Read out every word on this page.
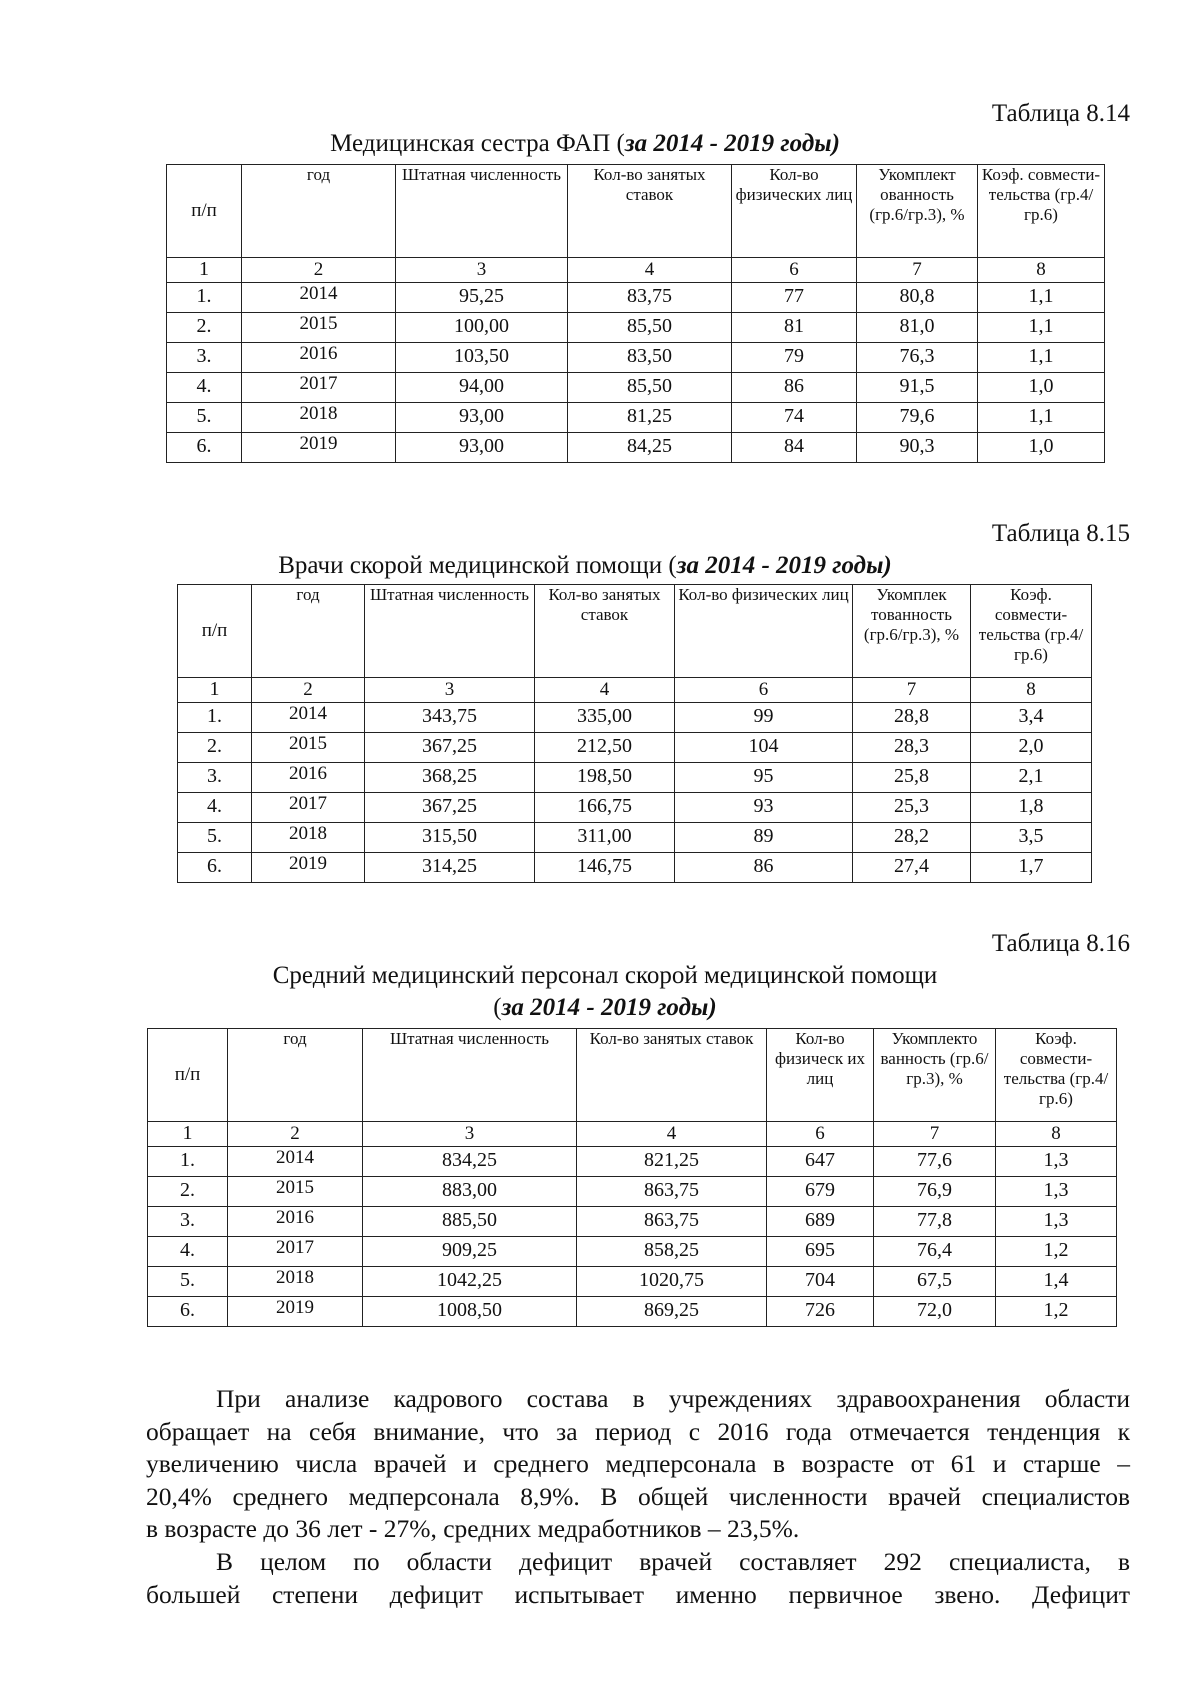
Таблица 8.14
Медицинская сестра ФАП (за 2014 - 2019 годы)
п/п	год	Штатная численность	Кол-во занятых ставок	Кол-во физических лиц	Укомплект ованность (гр.6/гр.3), %	Коэф. совмести-тельства (гр.4/гр.6)
1	2	3	4	6	7	8
1.	2014	95,25	83,75	77	80,8	1,1
2.	2015	100,00	85,50	81	81,0	1,1
3.	2016	103,50	83,50	79	76,3	1,1
4.	2017	94,00	85,50	86	91,5	1,0
5.	2018	93,00	81,25	74	79,6	1,1
6.	2019	93,00	84,25	84	90,3	1,0
Таблица 8.15
Врачи скорой медицинской помощи (за 2014 - 2019 годы)
п/п	год	Штатная численность	Кол-во занятых ставок	Кол-во физических лиц	Укомплек тованность (гр.6/гр.3), %	Коэф. совмести-тельства (гр.4/гр.6)
1	2	3	4	6	7	8
1.	2014	343,75	335,00	99	28,8	3,4
2.	2015	367,25	212,50	104	28,3	2,0
3.	2016	368,25	198,50	95	25,8	2,1
4.	2017	367,25	166,75	93	25,3	1,8
5.	2018	315,50	311,00	89	28,2	3,5
6.	2019	314,25	146,75	86	27,4	1,7
Таблица 8.16
Средний медицинский персонал скорой медицинской помощи
(за 2014 - 2019 годы)
п/п	год	Штатная численность	Кол-во занятых ставок	Кол-во физическ их лиц	Укомплекто ванность (гр.6/гр.3), %	Коэф. совмести-тельства (гр.4/гр.6)
1	2	3	4	6	7	8
1.	2014	834,25	821,25	647	77,6	1,3
2.	2015	883,00	863,75	679	76,9	1,3
3.	2016	885,50	863,75	689	77,8	1,3
4.	2017	909,25	858,25	695	76,4	1,2
5.	2018	1042,25	1020,75	704	67,5	1,4
6.	2019	1008,50	869,25	726	72,0	1,2
При анализе кадрового состава в учреждениях здравоохранения области
обращает на себя внимание, что за период с 2016 года отмечается тенденция к
увеличению числа врачей и среднего медперсонала в возрасте от 61 и старше –
20,4% среднего медперсонала 8,9%. В общей численности врачей специалистов
в возрасте до 36 лет - 27%, средних медработников – 23,5%.
В целом по области дефицит врачей составляет 292 специалиста, в
большей степени дефицит испытывает именно первичное звено. Дефицит
